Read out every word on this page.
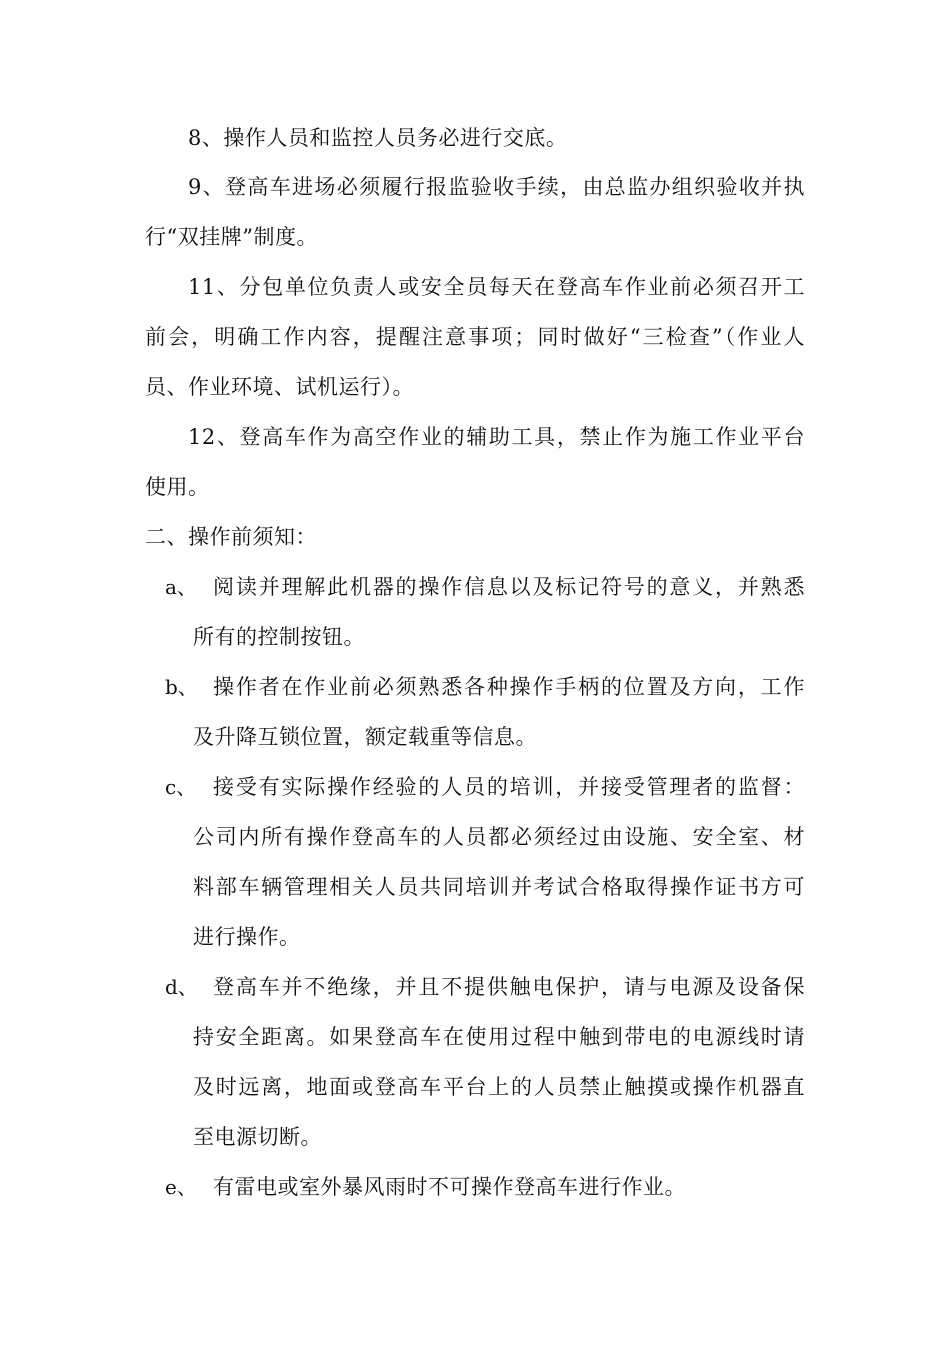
8、操作人员和监控人员务必进行交底。
9、登高车进场必须履行报监验收手续，由总监办组织验收并执
行“双挂牌”制度。
11、分包单位负责人或安全员每天在登高车作业前必须召开工
前会，明确工作内容，提醒注意事项；同时做好“三检查”（作业人
员、作业环境、试机运行）。
12、登高车作为高空作业的辅助工具，禁止作为施工作业平台
使用。
二、操作前须知：
a、 阅读并理解此机器的操作信息以及标记符号的意义，并熟悉
所有的控制按钮。
b、 操作者在作业前必须熟悉各种操作手柄的位置及方向，工作
及升降互锁位置，额定载重等信息。
c、 接受有实际操作经验的人员的培训，并接受管理者的监督：
公司内所有操作登高车的人员都必须经过由设施、安全室、材
料部车辆管理相关人员共同培训并考试合格取得操作证书方可
进行操作。
d、 登高车并不绝缘，并且不提供触电保护，请与电源及设备保
持安全距离。如果登高车在使用过程中触到带电的电源线时请
及时远离，地面或登高车平台上的人员禁止触摸或操作机器直
至电源切断。
e、 有雷电或室外暴风雨时不可操作登高车进行作业。
